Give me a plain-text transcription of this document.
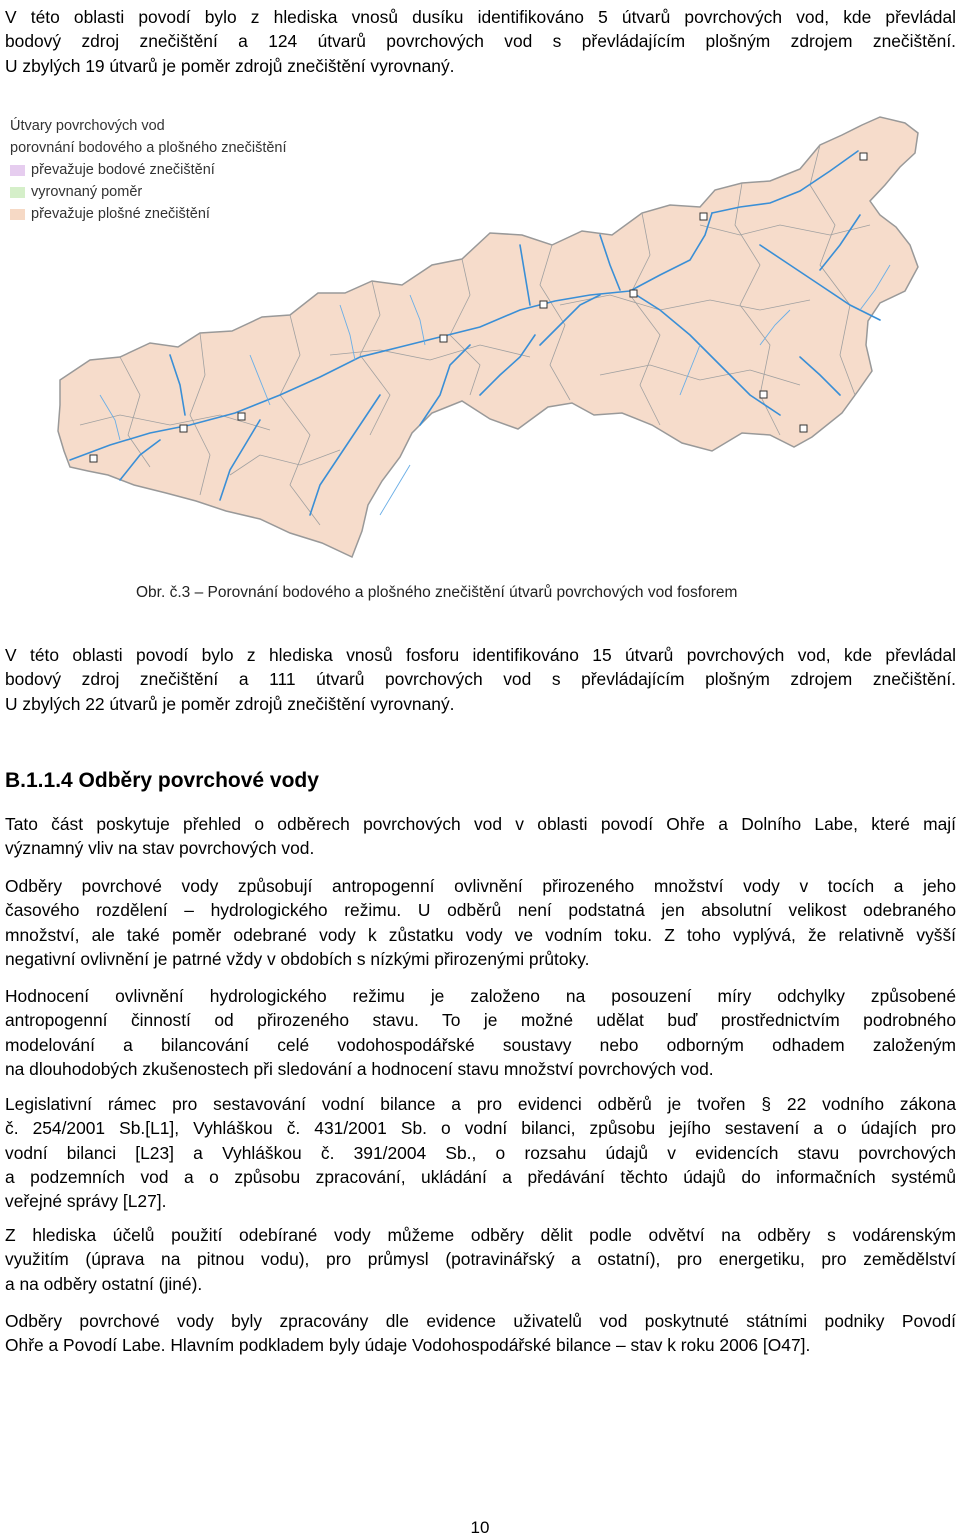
V této oblasti povodí bylo z hlediska vnosů dusíku identifikováno 5 útvarů povrchových vod, kde převládal
bodový zdroj znečištění a 124 útvarů povrchových vod s převládajícím plošným zdrojem znečištění.
U zbylých 19 útvarů je poměr zdrojů znečištění vyrovnaný.
Útvary povrchových vod
porovnání bodového a plošného znečištění
převažuje bodové znečištění
vyrovnaný poměr
převažuje plošné znečištění
Obr. č.3 – Porovnání bodového a plošného znečištění útvarů povrchových vod fosforem
V této oblasti povodí bylo z hlediska vnosů fosforu identifikováno 15 útvarů povrchových vod, kde převládal
bodový zdroj znečištění a 111 útvarů povrchových vod s převládajícím plošným zdrojem znečištění.
U zbylých 22 útvarů je poměr zdrojů znečištění vyrovnaný.
B.1.1.4 Odběry povrchové vody
Tato část poskytuje přehled o odběrech povrchových vod v oblasti povodí Ohře a Dolního Labe, které mají
významný vliv na stav povrchových vod.
Odběry povrchové vody způsobují antropogenní ovlivnění přirozeného množství vody v tocích a jeho
časového rozdělení – hydrologického režimu. U odběrů není podstatná jen absolutní velikost odebraného
množství, ale také poměr odebrané vody k zůstatku vody ve vodním toku. Z toho vyplývá, že relativně vyšší
negativní ovlivnění je patrné vždy v obdobích s nízkými přirozenými průtoky.
Hodnocení ovlivnění hydrologického režimu je založeno na posouzení míry odchylky způsobené
antropogenní činností od přirozeného stavu. To je možné udělat buď prostřednictvím podrobného
modelování a bilancování celé vodohospodářské soustavy nebo odborným odhadem založeným
na dlouhodobých zkušenostech při sledování a hodnocení stavu množství povrchových vod.
Legislativní rámec pro sestavování vodní bilance a pro evidenci odběrů je tvořen § 22 vodního zákona
č. 254/2001 Sb.[L1], Vyhláškou č. 431/2001 Sb. o vodní bilanci, způsobu jejího sestavení a o údajích pro
vodní bilanci [L23] a Vyhláškou č. 391/2004 Sb., o rozsahu údajů v evidencích stavu povrchových
a podzemních vod a o způsobu zpracování, ukládání a předávání těchto údajů do informačních systémů
veřejné správy [L27].
Z hlediska účelů použití odebírané vody můžeme odběry dělit podle odvětví na odběry s vodárenským
využitím (úprava na pitnou vodu), pro průmysl (potravinářský a ostatní), pro energetiku, pro zemědělství
a na odběry ostatní (jiné).
Odběry povrchové vody byly zpracovány dle evidence uživatelů vod poskytnuté státními podniky Povodí
Ohře a Povodí Labe. Hlavním podkladem byly údaje Vodohospodářské bilance – stav k roku 2006 [O47].
10
